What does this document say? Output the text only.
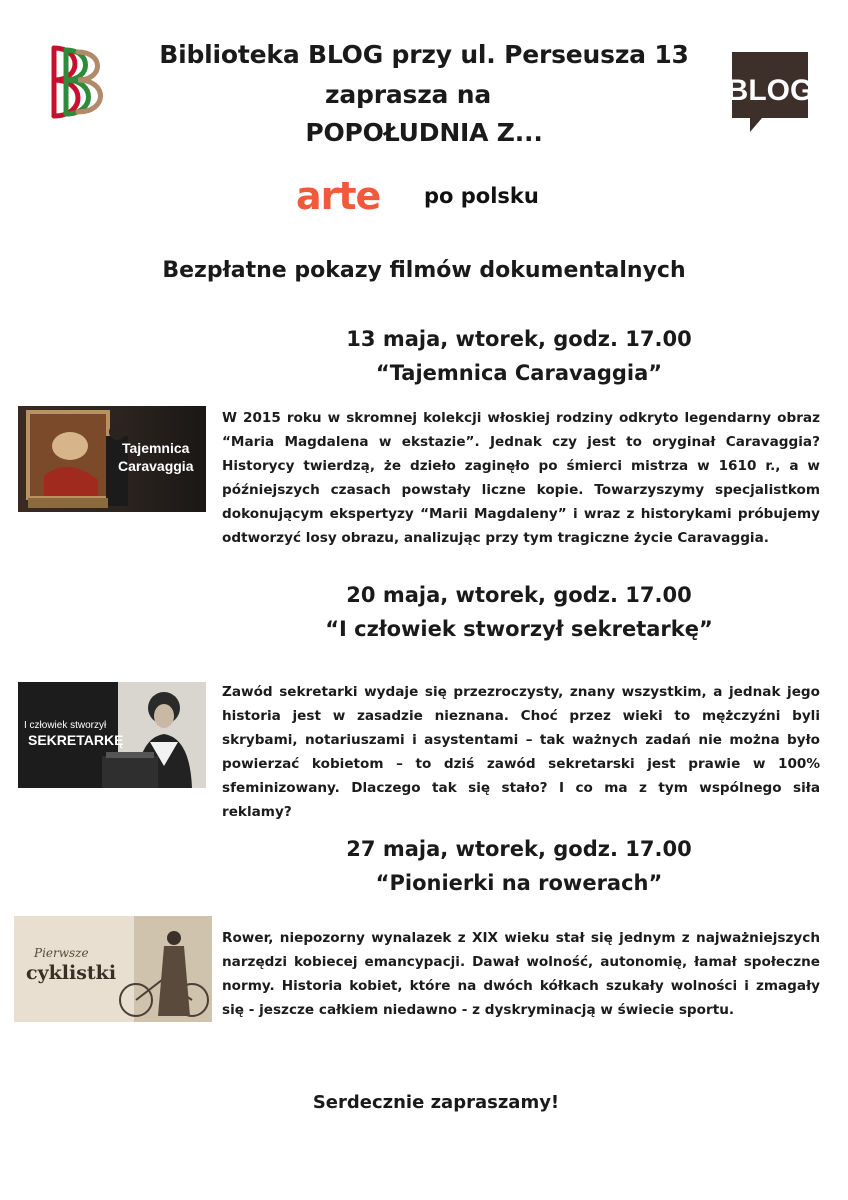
BLOG
Biblioteka BLOG przy ul. Perseusza 13
zaprasza na
POPOŁUDNIA Z...
arte po polsku
Bezpłatne pokazy filmów dokumentalnych
13 maja, wtorek, godz. 17.00
“Tajemnica Caravaggia”
Tajemnica
Caravaggia
W 2015 roku w skromnej kolekcji włoskiej rodziny odkryto legendarny obraz “Maria Magdalena w ekstazie”. Jednak czy jest to oryginał Caravaggia? Historycy twierdzą, że dzieło zaginęło po śmierci mistrza w 1610 r., a w późniejszych czasach powstały liczne kopie. Towarzyszymy specjalistkom dokonującym ekspertyzy “Marii Magdaleny” i wraz z historykami próbujemy odtworzyć losy obrazu, analizując przy tym tragiczne życie Caravaggia.
20 maja, wtorek, godz. 17.00
“I człowiek stworzył sekretarkę”
I człowiek stworzył
SEKRETARKĘ
Zawód sekretarki wydaje się przezroczysty, znany wszystkim, a jednak jego historia jest w zasadzie nieznana. Choć przez wieki to mężczyźni byli skrybami, notariuszami i asystentami – tak ważnych zadań nie można było powierzać kobietom – to dziś zawód sekretarski jest prawie w 100% sfeminizowany. Dlaczego tak się stało? I co ma z tym wspólnego siła reklamy?
27 maja, wtorek, godz. 17.00
“Pionierki na rowerach”
Pierwsze
cyklistki
Rower, niepozorny wynalazek z XIX wieku stał się jednym z najważniejszych narzędzi kobiecej emancypacji. Dawał wolność, autonomię, łamał społeczne normy. Historia kobiet, które na dwóch kółkach szukały wolności i zmagały się - jeszcze całkiem niedawno - z dyskryminacją w świecie sportu.
Serdecznie zapraszamy!
